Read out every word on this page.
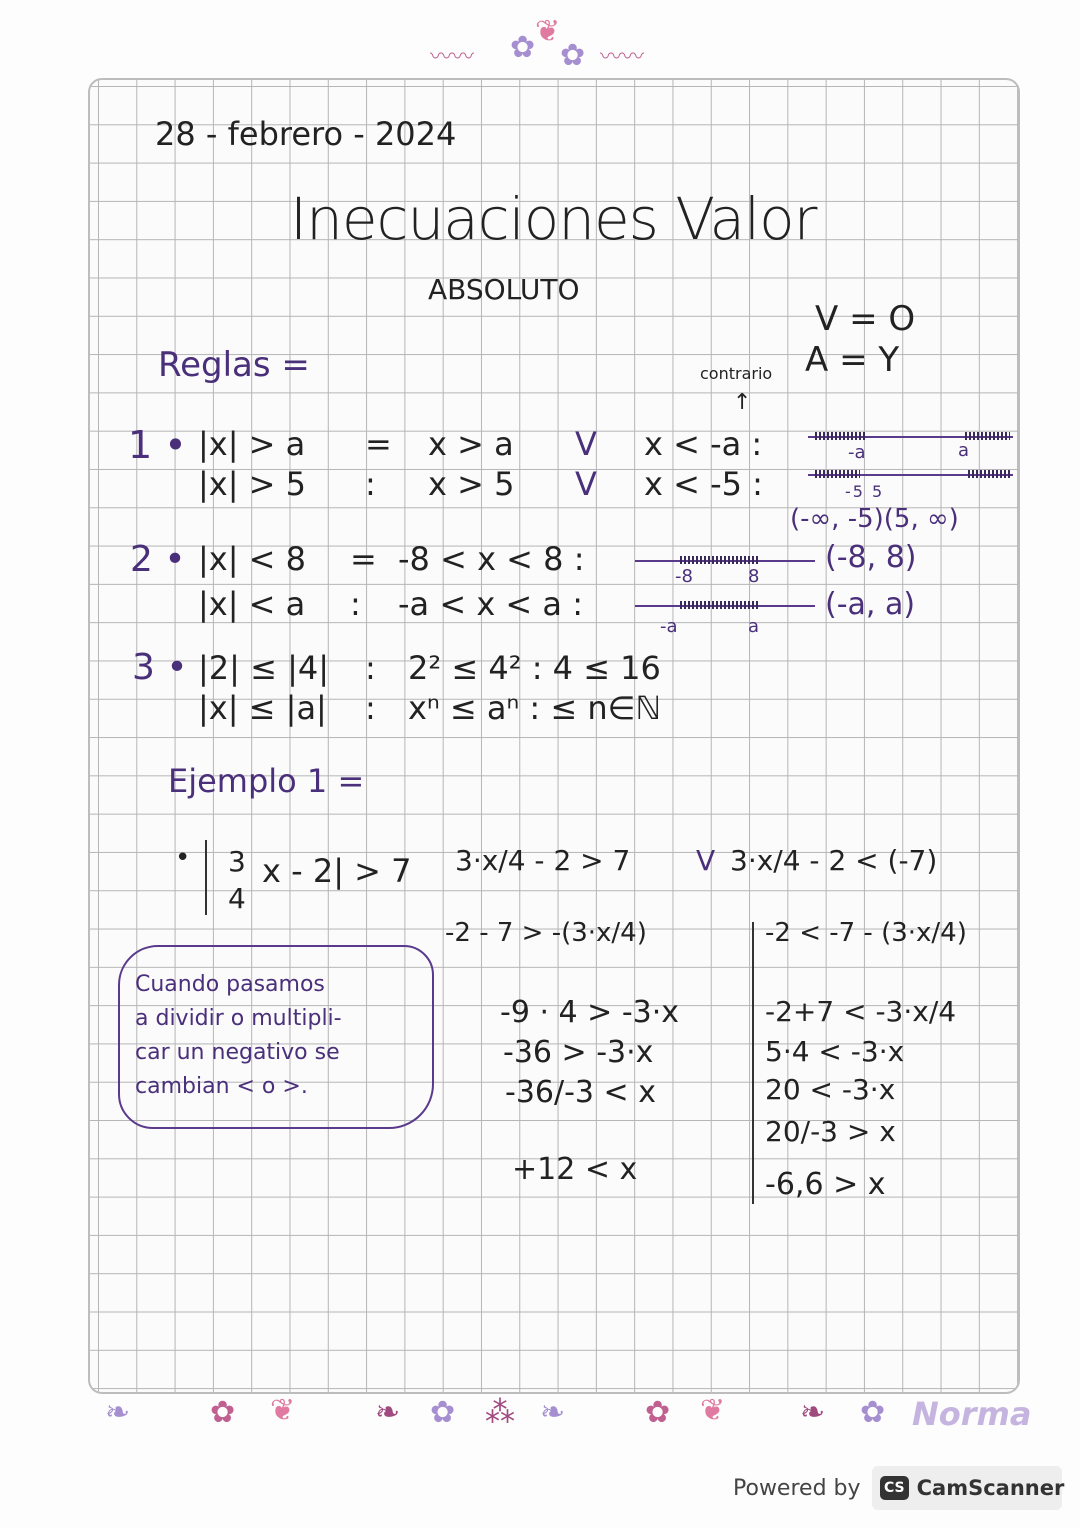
〰〰 ✿ ❦
✿ 〰〰
28 - febrero - 2024
Inecuaciones Valor
ABSOLUTO
V = O
A = Y
contrario
↑
Reglas =
1 • |x| > a = x > a V x < -a :
|x| > 5 : x > 5 V x < -5 :
-a	a
-5 5
(-∞, -5)(5, ∞)
2 • |x| < 8 = -8 < x < 8 :	(-8, 8)
-8	8
|x| < a : -a < x < a :	(-a, a)
-a	a
3 • |2| ≤ |4| : 2² ≤ 4² : 4 ≤ 16
|x| ≤ |a| : xⁿ ≤ aⁿ : ≤ n∈ℕ
Ejemplo 1 =
• 3
4
x - 2| > 7 3·x/4 - 2 > 7 V 3·x/4 - 2 < (-7)
-2 - 7 > -(3·x/4)
-9 · 4 > -3·x
-36 > -3·x
-36/-3 < x
+12 < x
-2 < -7 - (3·x/4)
-2+7 < -3·x/4
5·4 < -3·x
20 < -3·x
20/-3 > x
-6,6 > x
Cuando pasamos
a dividir o multipli-
car un negativo se
cambian < o >.
❧	✿ ❦	❧ ✿ ⁂ ❧	✿ ❦ ❧ ✿ Norma
Powered by CS CamScanner
